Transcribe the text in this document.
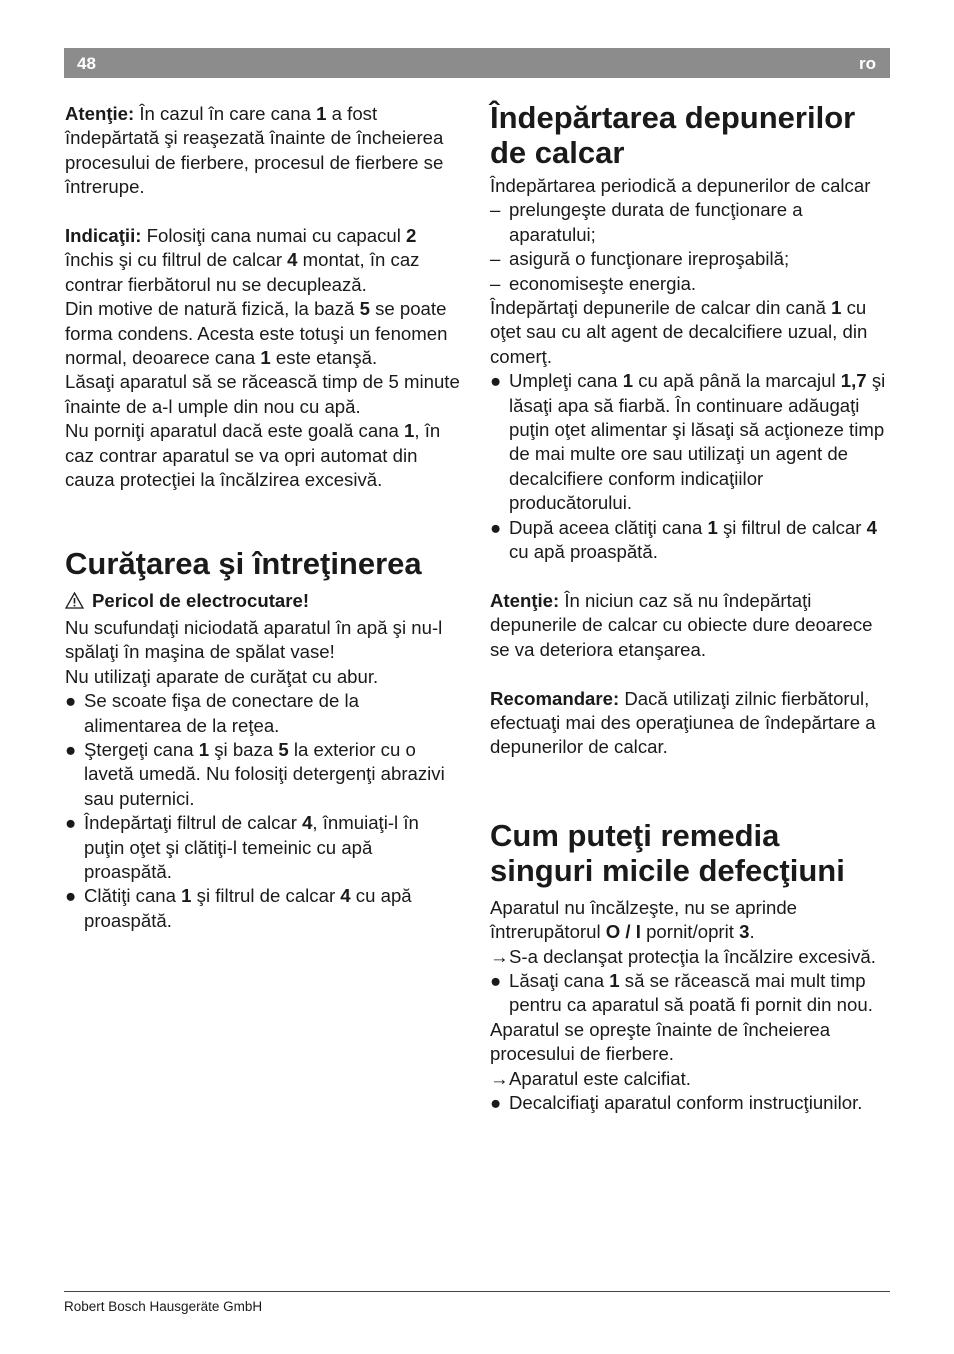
48	ro

Atenţie: În cazul în care cana 1 a fost îndepărtată şi reaşezată înainte de încheierea procesului de fierbere, procesul de fierbere se întrerupe.

Indicaţii: Folosiţi cana numai cu capacul 2 închis şi cu filtrul de calcar 4 montat, în caz contrar fierbătorul nu se decuplează.

Din motive de natură fizică, la bază 5 se poate forma condens. Acesta este totuşi un fenomen normal, deoarece cana 1 este etanşă.

Lăsaţi aparatul să se răcească timp de 5 minute înainte de a-l umple din nou cu apă.

Nu porniţi aparatul dacă este goală cana 1, în caz contrar aparatul se va opri automat din cauza protecţiei la încălzirea excesivă.

Curăţarea şi întreţinerea

Pericol de electrocutare!

Nu scufundaţi niciodată aparatul în apă şi nu-l spălaţi în maşina de spălat vase!

Nu utilizaţi aparate de curăţat cu abur.

● Se scoate fişa de conectare de la alimentarea de la reţea.
● Ştergeţi cana 1 şi baza 5 la exterior cu o lavetă umedă. Nu folosiţi detergenţi abrazivi sau puternici.
● Îndepărtaţi filtrul de calcar 4, înmuiaţi-l în puţin oţet şi clătiţi-l temeinic cu apă proaspătă.
● Clătiţi cana 1 şi filtrul de calcar 4 cu apă proaspătă.
Îndepărtarea depunerilor de calcar

Îndepărtarea periodică a depunerilor de calcar

– prelungeşte durata de funcţionare a aparatului;
– asigură o funcţionare ireproşabilă;
– economiseşte energia.

Îndepărtaţi depunerile de calcar din cană 1 cu oţet sau cu alt agent de decalcifiere uzual, din comerţ.

● Umpleţi cana 1 cu apă până la marcajul 1,7 şi lăsaţi apa să fiarbă. În continuare adăugaţi puţin oţet alimentar şi lăsaţi să acţioneze timp de mai multe ore sau utilizaţi un agent de decalcifiere conform indicaţiilor producătorului.
● După aceea clătiţi cana 1 şi filtrul de calcar 4 cu apă proaspătă.

Atenţie: În niciun caz să nu îndepărtaţi depunerile de calcar cu obiecte dure deoarece se va deteriora etanşarea.

Recomandare: Dacă utilizaţi zilnic fierbătorul, efectuaţi mai des operaţiunea de îndepărtare a depunerilor de calcar.

Cum puteţi remedia singuri micile defecţiuni

Aparatul nu încălzeşte, nu se aprinde întrerupătorul O / I pornit/oprit 3.

→ S-a declanşat protecţia la încălzire excesivă.
● Lăsaţi cana 1 să se răcească mai mult timp pentru ca aparatul să poată fi pornit din nou.

Aparatul se opreşte înainte de încheierea procesului de fierbere.

→ Aparatul este calcifiat.
● Decalcifiaţi aparatul conform instrucţiunilor.
Robert Bosch Hausgeräte GmbH
